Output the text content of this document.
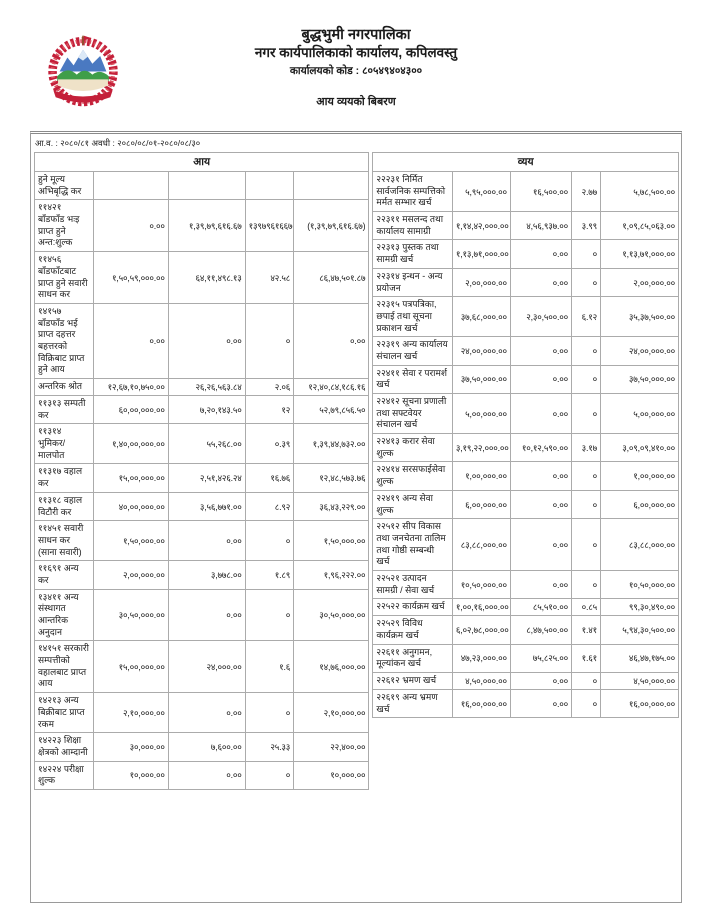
बुद्धभुमी नगरपालिका
नगर कार्यपालिकाको कार्यालय, कपिलवस्तु
कार्यालयको कोड : ८०५४९४०४३००
आय व्ययको बिबरण
आ.व. : २०८०/८१ अवधी : २०८०/०८/०१-२०८०/०८/३०
आय				
हुने मूल्य अभिबृद्धि कर				
११४२१ बाँडफाँड भःइ प्राप्त हुने अन्त:शुल्क	०.००	१,३९,७९,६१६.६७	१३९७९६१६६७	(१,३९,७९,६१६.६७)
११४५६ बाँडफाँटबाट प्राप्त हुने सवारी साधन कर	१,५०,५९,०००.००	६४,११,४९८.१३	४२.५८	८६,४७,५०१.८७
१४१५७ बाँडफाँड भई प्राप्त दहत्तर बहत्तरको विक्रिबाट प्राप्त हुने आय	०.००	०.००	०	०.००
अन्तरिक श्रोत	१२,६७,१०,७५०.००	२६,२६,५६३.८४	२.०६	१२,४०,८४,१८६.१६
११३१३ सम्पती कर	६०,००,०००.००	७,२०,१४३.५०	१२	५२,७९,८५६.५०
११३१४ भुमिकर/ मालपोत	१,४०,००,०००.००	५५,२६८.००	०.३९	१,३९,४४,७३२.००
११३१७ वहाल कर	१५,००,०००.००	२,५१,४२६.२४	१६.७६	१२,४८,५७३.७६
११३१८ वहाल विटौरी कर	४०,००,०००.००	३,५६,७७१.००	८.९२	३६,४३,२२९.००
११४५१ सवारी साधन कर (साना सवारी)	१,५०,०००.००	०.००	०	१,५०,०००.००
११६९१ अन्य कर	२,००,०००.००	३,७७८.००	१.८९	१,९६,२२२.००
१३४११ अन्य संस्थागत आन्तरिक अनुदान	३०,५०,०००.००	०.००	०	३०,५०,०००.००
१४१५१ सरकारी सम्पत्तीको वहालबाट प्राप्त आय	१५,००,०००.००	२४,०००.००	१.६	१४,७६,०००.००
१४२१३ अन्य बिक्रीबाट प्राप्त रकम	२,१०,०००.००	०.००	०	२,१०,०००.००
१४२२३ शिक्षा क्षेत्रको आम्दानी	३०,०००.००	७,६००.००	२५.३३	२२,४००.००
१४२२४ परीक्षा शुल्क	१०,०००.००	०.००	०	१०,०००.००
व्यय				
२२२३१ निर्मित सार्वजनिक सम्पत्तिको मर्मत सम्भार खर्च	५,९५,०००.००	१६,५००.००	२.७७	५,७८,५००.००
२२३११ मसलन्द तथा कार्यालय सामाग्री	१,१४,४२,०००.००	४,५६,९३७.००	३.९९	१,०९,८५,०६३.००
२२३१३ पुस्तक तथा सामग्री खर्च	१,१३,७१,०००.००	०.००	०	१,१३,७१,०००.००
२२३१४ इन्धन - अन्य प्रयोजन	२,००,०००.००	०.००	०	२,००,०००.००
२२३१५ पत्रपत्रिका, छपाई तथा सूचना प्रकाशन खर्च	३७,६८,०००.००	२,३०,५००.००	६.१२	३५,३७,५००.००
२२३१९ अन्य कार्यालय संचालन खर्च	२४,००,०००.००	०.००	०	२४,००,०००.००
२२४११ सेवा र परामर्श खर्च	३७,५०,०००.००	०.००	०	३७,५०,०००.००
२२४१२ सूचना प्रणाली तथा सफ्टवेयर संचालन खर्च	५,००,०००.००	०.००	०	५,००,०००.००
२२४१३ करार सेवा शुल्क	३,१९,२२,०००.००	१०,१२,५९०.००	३.१७	३,०९,०९,४१०.००
२२४१४ सरसफाईसेवा शुल्क	१,००,०००.००	०.००	०	१,००,०००.००
२२४१९ अन्य सेवा शुल्क	६,००,०००.००	०.००	०	६,००,०००.००
२२५१२ सीप विकास तथा जनचेतना तालिम तथा गोष्ठी सम्बन्धी खर्च	८३,८८,०००.००	०.००	०	८३,८८,०००.००
२२५२१ उत्पादन सामग्री / सेवा खर्च	१०,५०,०००.००	०.००	०	१०,५०,०००.००
२२५२२ कार्यक्रम खर्च	१,००,१६,०००.००	८५,५१०.००	०.८५	९९,३०,४९०.००
२२५२९ विविध कार्यक्रम खर्च	६,०२,७८,०००.००	८,४७,५००.००	१.४१	५,९४,३०,५००.००
२२६११ अनुगमन, मूल्यांकन खर्च	४७,२३,०००.००	७५,८२५.००	१.६१	४६,४७,१७५.००
२२६१२ भ्रमण खर्च	४,५०,०००.००	०.००	०	४,५०,०००.००
२२६१९ अन्य भ्रमण खर्च	१६,००,०००.००	०.००	०	१६,००,०००.००
